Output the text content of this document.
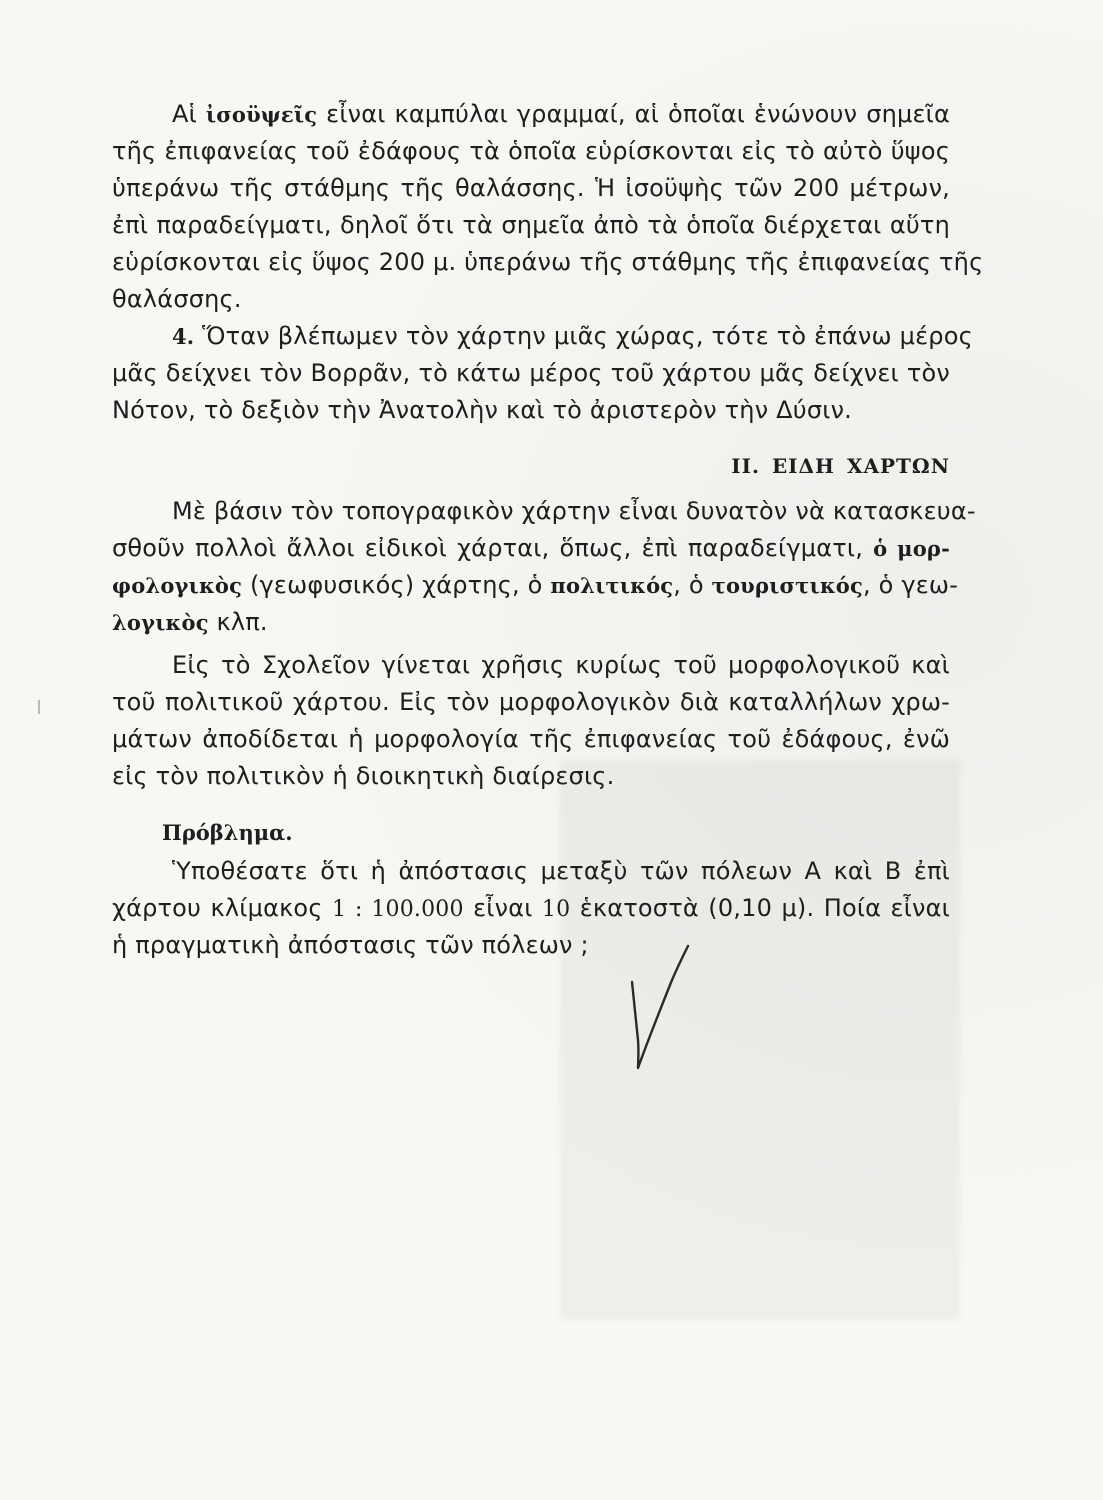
Αἱ ἰσοϋψεῖς εἶναι καμπύλαι γραμμαί, αἱ ὁποῖαι ἑνώνουν σημεῖα
τῆς ἐπιφανείας τοῦ ἐδάφους τὰ ὁποῖα εὑρίσκονται εἰς τὸ αὐτὸ ὕψος
ὑπεράνω τῆς στάθμης τῆς θαλάσσης. Ἡ ἰσοϋψὴς τῶν 200 μέτρων,
ἐπὶ παραδείγματι, δηλοῖ ὅτι τὰ σημεῖα ἀπὸ τὰ ὁποῖα διέρχεται αὕτη
εὑρίσκονται εἰς ὕψος 200 μ. ὑπεράνω τῆς στάθμης τῆς ἐπιφανείας τῆς
θαλάσσης.
4. Ὅταν βλέπωμεν τὸν χάρτην μιᾶς χώρας, τότε τὸ ἐπάνω μέρος
μᾶς δείχνει τὸν Βορρᾶν, τὸ κάτω μέρος τοῦ χάρτου μᾶς δείχνει τὸν
Νότον, τὸ δεξιὸν τὴν Ἀνατολὴν καὶ τὸ ἀριστερὸν τὴν Δύσιν.
ΙΙ. ΕΙΔΗ ΧΑΡΤΩΝ
Μὲ βάσιν τὸν τοπογραφικὸν χάρτην εἶναι δυνατὸν νὰ κατασκευα-
σθοῦν πολλοὶ ἄλλοι εἰδικοὶ χάρται, ὅπως, ἐπὶ παραδείγματι, ὁ μορ-
φολογικὸς (γεωφυσικός) χάρτης, ὁ πολιτικός, ὁ τουριστικός, ὁ γεω-
λογικὸς κλπ.
Εἰς τὸ Σχολεῖον γίνεται χρῆσις κυρίως τοῦ μορφολογικοῦ καὶ
τοῦ πολιτικοῦ χάρτου. Εἰς τὸν μορφολογικὸν διὰ καταλλήλων χρω-
μάτων ἀποδίδεται ἡ μορφολογία τῆς ἐπιφανείας τοῦ ἐδάφους, ἐνῶ
εἰς τὸν πολιτικὸν ἡ διοικητικὴ διαίρεσις.
Πρόβλημα.
Ὑποθέσατε ὅτι ἡ ἀπόστασις μεταξὺ τῶν πόλεων Α καὶ Β ἐπὶ
χάρτου κλίμακος 1 : 100.000 εἶναι 10 ἑκατοστὰ (0,10 μ). Ποία εἶναι
ἡ πραγματικὴ ἀπόστασις τῶν πόλεων ;
